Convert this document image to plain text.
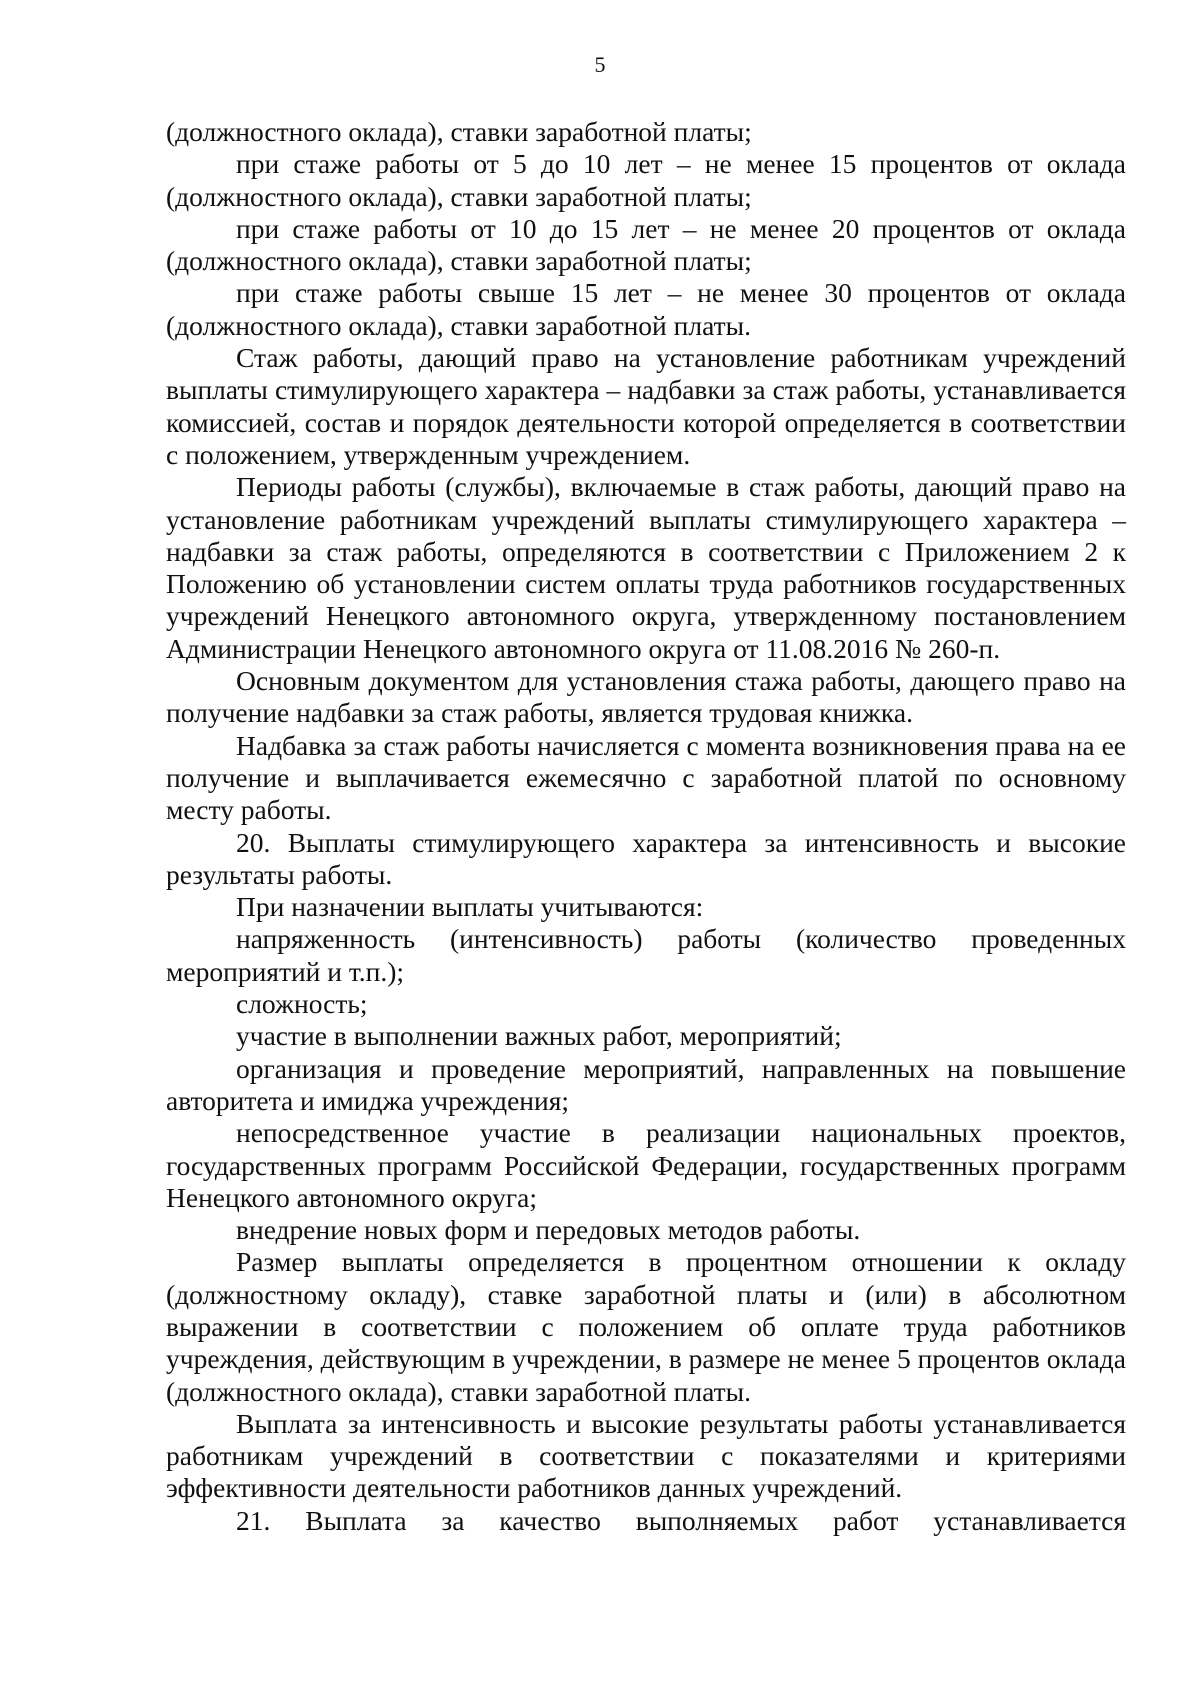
5

(должностного оклада), ставки заработной платы;

при стаже работы от 5 до 10 лет – не менее 15 процентов от оклада (должностного оклада), ставки заработной платы;

при стаже работы от 10 до 15 лет – не менее 20 процентов от оклада (должностного оклада), ставки заработной платы;

при стаже работы свыше 15 лет – не менее 30 процентов от оклада (должностного оклада), ставки заработной платы.

Стаж работы, дающий право на установление работникам учреждений выплаты стимулирующего характера – надбавки за стаж работы, устанавливается комиссией, состав и порядок деятельности которой определяется в соответствии с положением, утвержденным учреждением.

Периоды работы (службы), включаемые в стаж работы, дающий право на установление работникам учреждений выплаты стимулирующего характера – надбавки за стаж работы, определяются в соответствии с Приложением 2 к Положению об установлении систем оплаты труда работников государственных учреждений Ненецкого автономного округа, утвержденному постановлением Администрации Ненецкого автономного округа от 11.08.2016 № 260-п.

Основным документом для установления стажа работы, дающего право на получение надбавки за стаж работы, является трудовая книжка.

Надбавка за стаж работы начисляется с момента возникновения права на ее получение и выплачивается ежемесячно с заработной платой по основному месту работы.

20. Выплаты стимулирующего характера за интенсивность и высокие результаты работы.

При назначении выплаты учитываются:

напряженность (интенсивность) работы (количество проведенных мероприятий и т.п.);

сложность;

участие в выполнении важных работ, мероприятий;

организация и проведение мероприятий, направленных на повышение авторитета и имиджа учреждения;

непосредственное участие в реализации национальных проектов, государственных программ Российской Федерации, государственных программ Ненецкого автономного округа;

внедрение новых форм и передовых методов работы.

Размер выплаты определяется в процентном отношении к окладу (должностному окладу), ставке заработной платы и (или) в абсолютном выражении в соответствии с положением об оплате труда работников учреждения, действующим в учреждении, в размере не менее 5 процентов оклада (должностного оклада), ставки заработной платы.

Выплата за интенсивность и высокие результаты работы устанавливается работникам учреждений в соответствии с показателями и критериями эффективности деятельности работников данных учреждений.

21. Выплата за качество выполняемых работ устанавливается
